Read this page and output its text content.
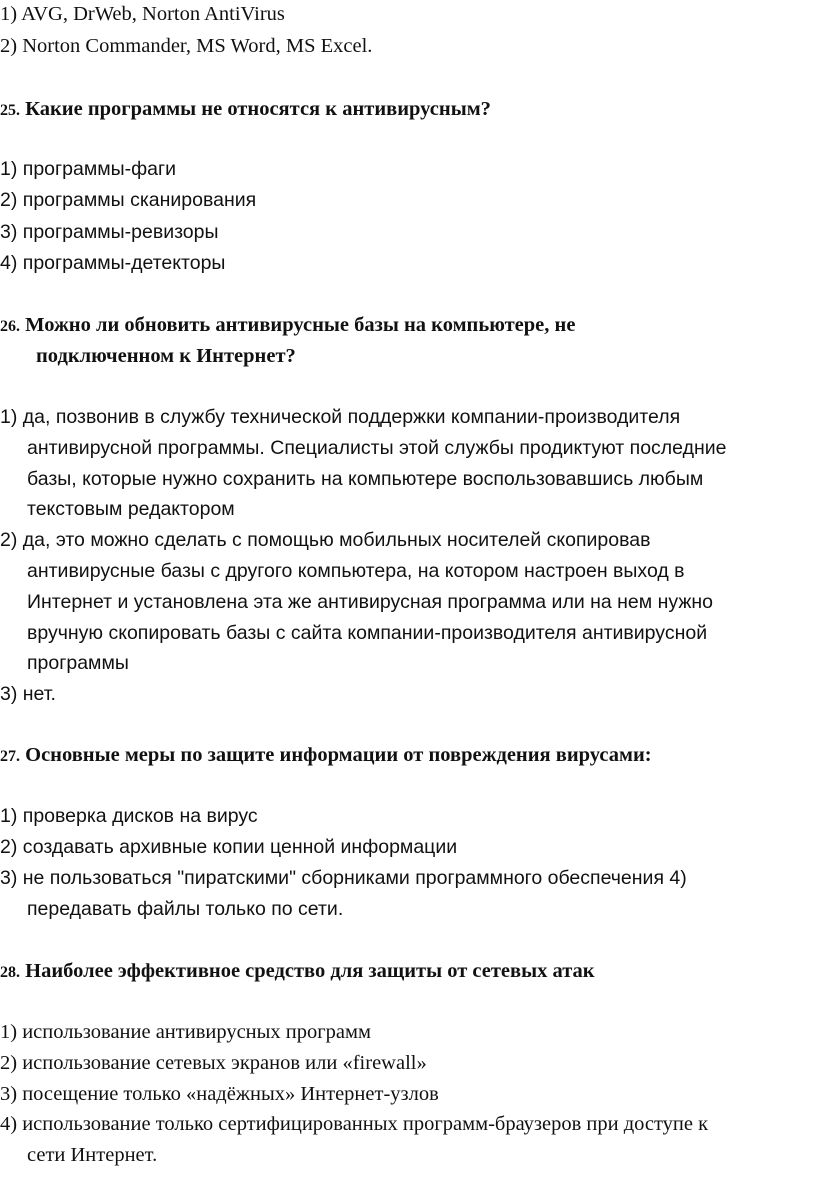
1) AVG, DrWeb, Norton AntiVirus
2) Norton Commander, MS Word, MS Excel.
25. Какие программы не относятся к антивирусным?
1) программы-фаги
2) программы сканирования
3) программы-ревизоры
4) программы-детекторы
26. Можно ли обновить антивирусные базы на компьютере, не
подключенном к Интернет?
1) да, позвонив в службу технической поддержки компании-производителя
антивирусной программы. Специалисты этой службы продиктуют последние
базы, которые нужно сохранить на компьютере воспользовавшись любым
текстовым редактором
2) да, это можно сделать с помощью мобильных носителей скопировав
антивирусные базы с другого компьютера, на котором настроен выход в
Интернет и установлена эта же антивирусная программа или на нем нужно
вручную скопировать базы с сайта компании-производителя антивирусной
программы
3) нет.
27. Основные меры по защите информации от повреждения вирусами:
1) проверка дисков на вирус
2) создавать архивные копии ценной информации
3) не пользоваться "пиратскими" сборниками программного обеспечения 4)
передавать файлы только по сети.
28. Наиболее эффективное средство для защиты от сетевых атак
1) использование антивирусных программ
2) использование сетевых экранов или «firewall»
3) посещение только «надёжных» Интернет-узлов
4) использование только сертифицированных программ-браузеров при доступе к
сети Интернет.
